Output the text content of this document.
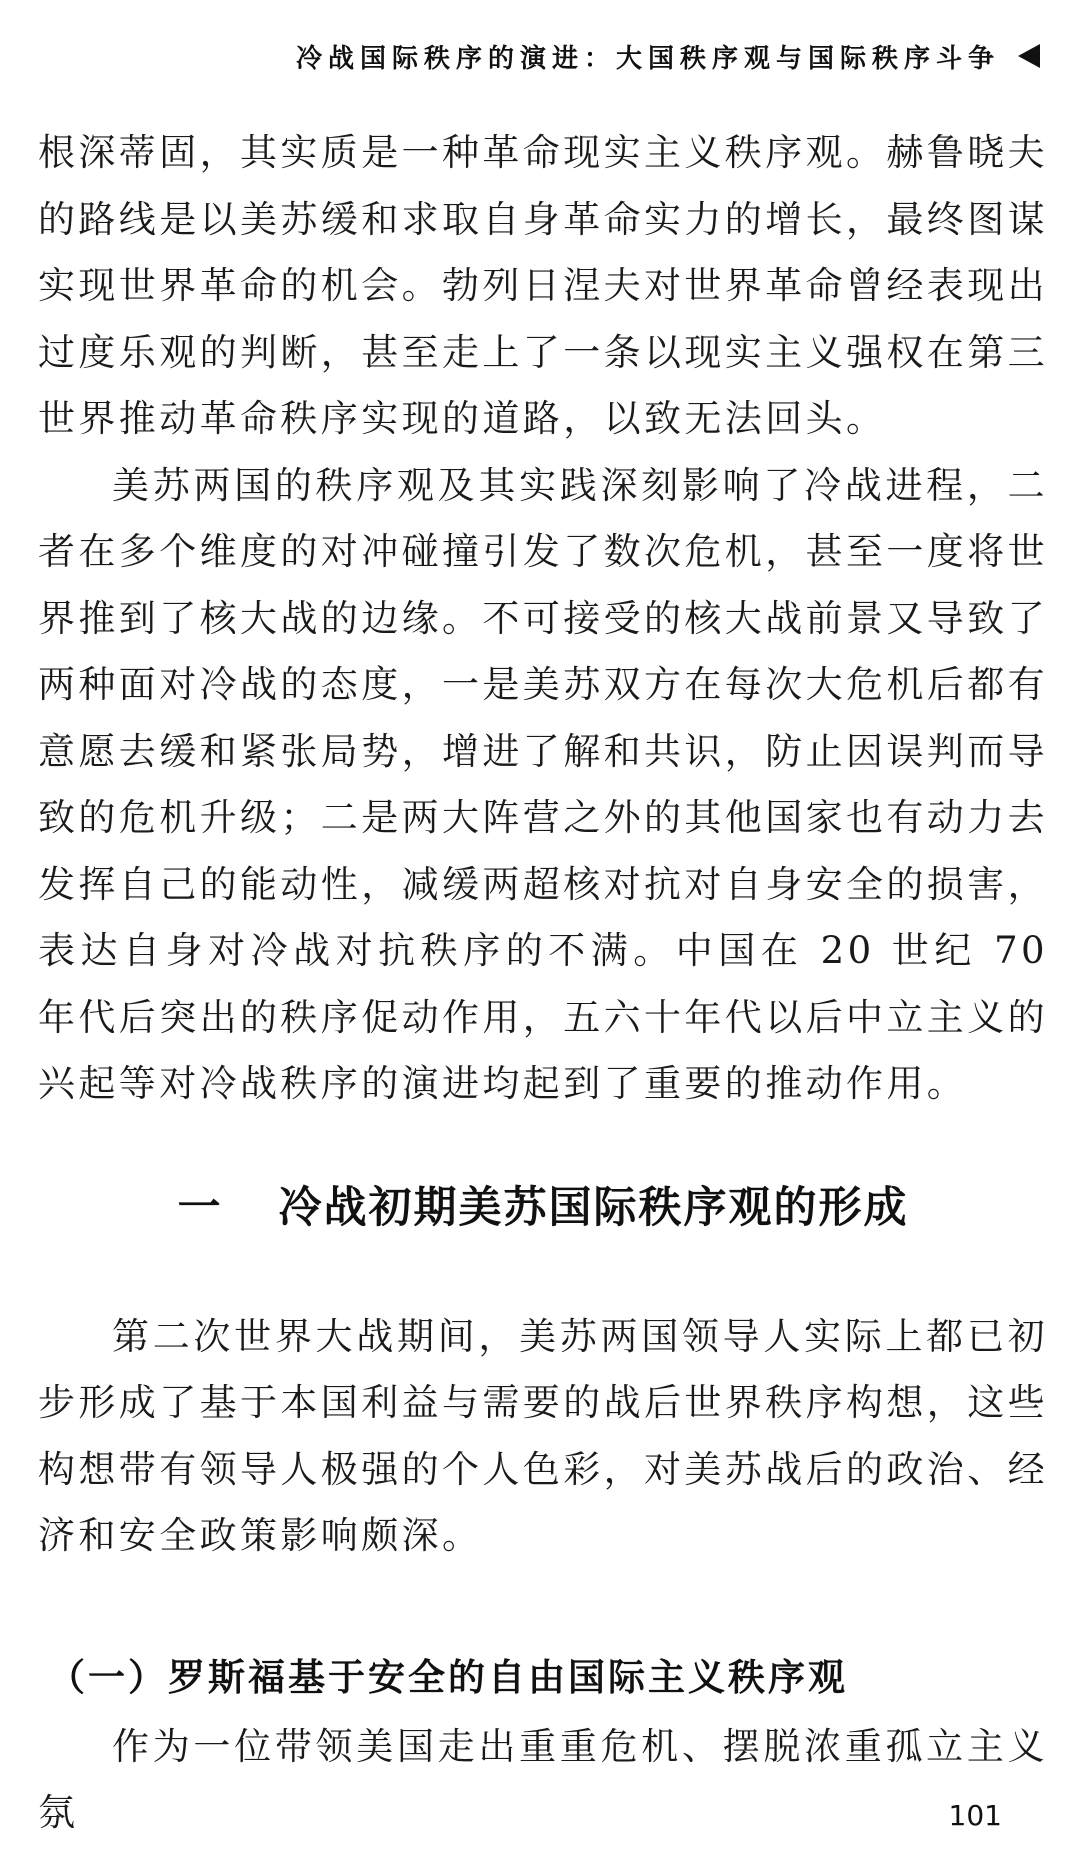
冷战国际秩序的演进：大国秩序观与国际秩序斗争

根深蒂固，其实质是一种革命现实主义秩序观。赫鲁晓夫的路线是以美苏缓和求取自身革命实力的增长，最终图谋实现世界革命的机会。勃列日涅夫对世界革命曾经表现出过度乐观的判断，甚至走上了一条以现实主义强权在第三世界推动革命秩序实现的道路，以致无法回头。

美苏两国的秩序观及其实践深刻影响了冷战进程，二者在多个维度的对冲碰撞引发了数次危机，甚至一度将世界推到了核大战的边缘。不可接受的核大战前景又导致了两种面对冷战的态度，一是美苏双方在每次大危机后都有意愿去缓和紧张局势，增进了解和共识，防止因误判而导致的危机升级；二是两大阵营之外的其他国家也有动力去发挥自己的能动性，减缓两超核对抗对自身安全的损害，表达自身对冷战对抗秩序的不满。中国在 20 世纪 70 年代后突出的秩序促动作用，五六十年代以后中立主义的兴起等对冷战秩序的演进均起到了重要的推动作用。

一 冷战初期美苏国际秩序观的形成

第二次世界大战期间，美苏两国领导人实际上都已初步形成了基于本国利益与需要的战后世界秩序构想，这些构想带有领导人极强的个人色彩，对美苏战后的政治、经济和安全政策影响颇深。

（一）罗斯福基于安全的自由国际主义秩序观

作为一位带领美国走出重重危机、摆脱浓重孤立主义氛	101
